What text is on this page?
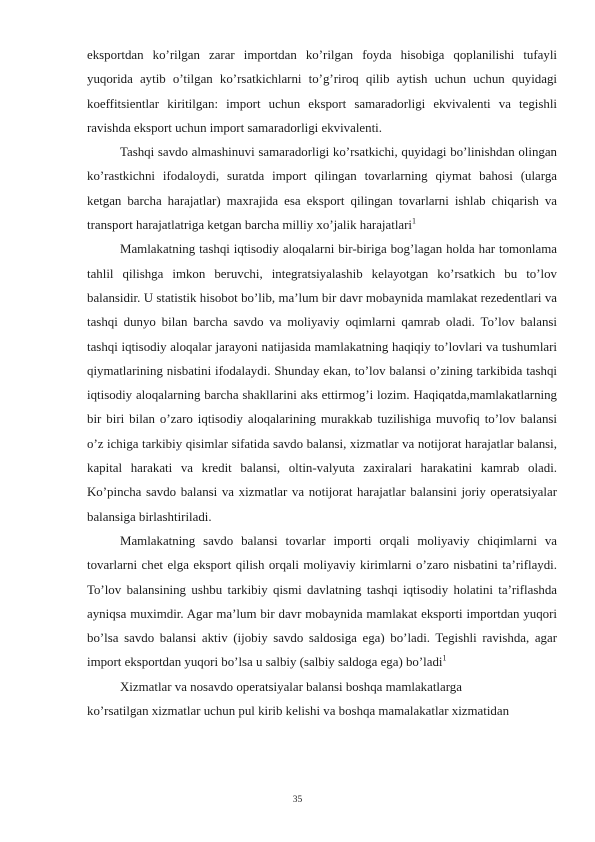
eksportdan ko’rilgan zarar importdan ko’rilgan foyda hisobiga qoplanilishi tufayli yuqorida aytib o’tilgan ko’rsatkichlarni to’g’riroq qilib aytish uchun uchun quyidagi koeffitsientlar kiritilgan: import uchun eksport samaradorligi ekvivalenti va tegishli ravishda eksport uchun import samaradorligi ekvivalenti.

Tashqi savdo almashinuvi samaradorligi ko’rsatkichi, quyidagi bo’linishdan olingan ko’rastkichni ifodaloydi, suratda import qilingan tovarlarning qiymat bahosi (ularga ketgan barcha harajatlar) maxrajida esa eksport qilingan tovarlarni ishlab chiqarish va transport harajatlatriga ketgan barcha milliy xo’jalik harajatlari$^1$

Mamlakatning tashqi iqtisodiy aloqalarni bir-biriga bog’lagan holda har tomonlama tahlil qilishga imkon beruvchi, integratsiyalashib kelayotgan ko’rsatkich bu to’lov balansidir. U statistik hisobot bo’lib, ma’lum bir davr mobaynida mamlakat rezedentlari va tashqi dunyo bilan barcha savdo va moliyaviy oqimlarni qamrab oladi. To’lov balansi tashqi iqtisodiy aloqalar jarayoni natijasida mamlakatning haqiqiy to’lovlari va tushumlari qiymatlarining nisbatini ifodalaydi. Shunday ekan, to’lov balansi o’zining tarkibida tashqi iqtisodiy aloqalarning barcha shakllarini aks ettirmog’i lozim. Haqiqatda,mamlakatlarning bir biri bilan o’zaro iqtisodiy aloqalarining murakkab tuzilishiga muvofiq to’lov balansi o’z ichiga tarkibiy qisimlar sifatida savdo balansi, xizmatlar va notijorat harajatlar balansi, kapital harakati va kredit balansi, oltin-valyuta zaxiralari harakatini kamrab oladi. Ko’pincha savdo balansi va xizmatlar va notijorat harajatlar balansini joriy operatsiyalar balansiga birlashtiriladi.

Mamlakatning savdo balansi tovarlar importi orqali moliyaviy chiqimlarni va tovarlarni chet elga eksport qilish orqali moliyaviy kirimlarni o’zaro nisbatini ta’riflaydi. To’lov balansining ushbu tarkibiy qismi davlatning tashqi iqtisodiy holatini ta’riflashda ayniqsa muximdir. Agar ma’lum bir davr mobaynida mamlakat eksporti importdan yuqori bo’lsa savdo balansi aktiv (ijobiy savdo saldosiga ega) bo’ladi. Tegishli ravishda, agar import eksportdan yuqori bo’lsa u salbiy (salbiy saldoga ega) bo’ladi$^1$

Xizmatlar va nosavdo operatsiyalar balansi boshqa mamlakatlarga

ko’rsatilgan xizmatlar uchun pul kirib kelishi va boshqa mamalakatlar xizmatidan

35
